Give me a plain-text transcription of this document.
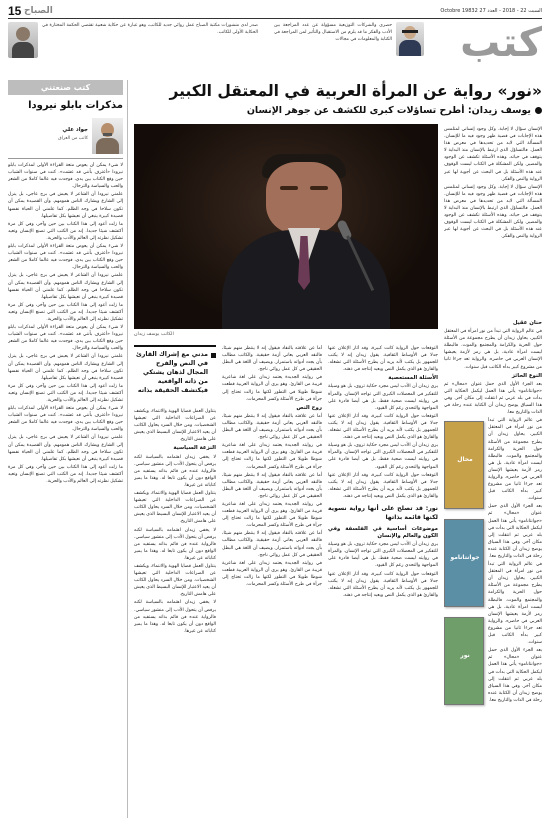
15 الصباح	السبت 22 - 2018 - العدد 27 Octobre 19832
صدر لدى منشورات مكتبة الصباح عمل روائي جديد للكاتب، وهو عبارة عن حكاية شعبية تقتضي الحكمة المختارة في الحكاية الأولى للكاتب.
حصري والشركات التوزيعية مسؤولة عن عدد المراجعة بين الأدب والفكر ما قد يلزم من الاستقبال والتأثير لمن المراجعة في الكتابة والمعلومات في مجالات	كتب
كتب صنعتني
مذكرات بابلو نيرودا
جواد علي
كاتب من العراق

لا شيء يمكن أن يعوض متعة القراءة الأولى لمذكرات بابلو نيرودا «أعترف بأنني قد عشت». كنت في سنوات الشباب حين وقع الكتاب بين يدي، فوجدت فيه عالما كاملا من الشعر والحب والسياسة والترحال.

علمني نيرودا أن الشاعر لا يعيش في برج عاجي، بل ينزل إلى الشارع ويشارك الناس همومهم. وأن القصيدة يمكن أن تكون سلاحا في وجه الظلم. كما علمني أن الحياة نفسها قصيدة كبيرة ينبغي أن نعيشها بكل تفاصيلها.

ما زلت أعود إلى هذا الكتاب بين حين وآخر، وفي كل مرة أكتشف شيئا جديدا. إنه من الكتب التي تصنع الإنسان وتعيد تشكيل نظرته إلى العالم والأدب والحرية.

لا شيء يمكن أن يعوض متعة القراءة الأولى لمذكرات بابلو نيرودا «أعترف بأنني قد عشت». كنت في سنوات الشباب حين وقع الكتاب بين يدي، فوجدت فيه عالما كاملا من الشعر والحب والسياسة والترحال.

علمني نيرودا أن الشاعر لا يعيش في برج عاجي، بل ينزل إلى الشارع ويشارك الناس همومهم. وأن القصيدة يمكن أن تكون سلاحا في وجه الظلم. كما علمني أن الحياة نفسها قصيدة كبيرة ينبغي أن نعيشها بكل تفاصيلها.

ما زلت أعود إلى هذا الكتاب بين حين وآخر، وفي كل مرة أكتشف شيئا جديدا. إنه من الكتب التي تصنع الإنسان وتعيد تشكيل نظرته إلى العالم والأدب والحرية.

لا شيء يمكن أن يعوض متعة القراءة الأولى لمذكرات بابلو نيرودا «أعترف بأنني قد عشت». كنت في سنوات الشباب حين وقع الكتاب بين يدي، فوجدت فيه عالما كاملا من الشعر والحب والسياسة والترحال.

علمني نيرودا أن الشاعر لا يعيش في برج عاجي، بل ينزل إلى الشارع ويشارك الناس همومهم. وأن القصيدة يمكن أن تكون سلاحا في وجه الظلم. كما علمني أن الحياة نفسها قصيدة كبيرة ينبغي أن نعيشها بكل تفاصيلها.

ما زلت أعود إلى هذا الكتاب بين حين وآخر، وفي كل مرة أكتشف شيئا جديدا. إنه من الكتب التي تصنع الإنسان وتعيد تشكيل نظرته إلى العالم والأدب والحرية.

لا شيء يمكن أن يعوض متعة القراءة الأولى لمذكرات بابلو نيرودا «أعترف بأنني قد عشت». كنت في سنوات الشباب حين وقع الكتاب بين يدي، فوجدت فيه عالما كاملا من الشعر والحب والسياسة والترحال.

علمني نيرودا أن الشاعر لا يعيش في برج عاجي، بل ينزل إلى الشارع ويشارك الناس همومهم. وأن القصيدة يمكن أن تكون سلاحا في وجه الظلم. كما علمني أن الحياة نفسها قصيدة كبيرة ينبغي أن نعيشها بكل تفاصيلها.

ما زلت أعود إلى هذا الكتاب بين حين وآخر، وفي كل مرة أكتشف شيئا جديدا. إنه من الكتب التي تصنع الإنسان وتعيد تشكيل نظرته إلى العالم والأدب والحرية.

«نور» رواية عن المرأة العربية في المعتقل الكبير
يوسف زيدان: أطرح تساؤلات كبرى للكشف عن جوهر الإنسان

الإنسان سؤال لا إجابة. وكل وجود إنساني لمتلمس هذه الإجابات في قضية ظهر وجود فيه ما للإنسان. المسألة التي لابد من تحديدها في معرض هذا العمل. فالتساؤل الذي ارتبط بالإنسان منذ البداية لا يتوقف في حياته. وهذه الأسئلة تكشف عن الوجود والمصير. ولكن المشكلة في الكتاب ليست الوقوف عند هذه الأسئلة بل في البحث عن أجوبة لها عبر الرواية والنص والفكر.

الإنسان سؤال لا إجابة. وكل وجود إنساني لمتلمس هذه الإجابات في قضية ظهر وجود فيه ما للإنسان. المسألة التي لابد من تحديدها في معرض هذا العمل. فالتساؤل الذي ارتبط بالإنسان منذ البداية لا يتوقف في حياته. وهذه الأسئلة تكشف عن الوجود والمصير. ولكن المشكلة في الكتاب ليست الوقوف عند هذه الأسئلة بل في البحث عن أجوبة لها عبر الرواية والنص والفكر.

الكاتب يوسف زيدان
مدني مع إشراك القارئ في النص والفرح المجال لذهان يشتكي من ذاته الواقعية فيكتشف الحقيقة بذاته

يتناول العمل قضايا الهوية والانتماء، ويكشف عن الصراعات الداخلية التي تعيشها الشخصيات. ومن خلال السرد يحاول الكاتب أن يعيد الاعتبار للإنسان البسيط الذي يعيش على هامش التاريخ.

النزعة السياسية

لا يخفي زيدان اهتمامه بالسياسة لكنه يرفض أن يتحول الأدب إلى منشور سياسي. فالرواية عنده فن قائم بذاته يستفيد من الواقع دون أن يكون تابعا له. وهذا ما يميز كتاباته عن غيرها.

يتناول العمل قضايا الهوية والانتماء، ويكشف عن الصراعات الداخلية التي تعيشها الشخصيات. ومن خلال السرد يحاول الكاتب أن يعيد الاعتبار للإنسان البسيط الذي يعيش على هامش التاريخ.

لا يخفي زيدان اهتمامه بالسياسة لكنه يرفض أن يتحول الأدب إلى منشور سياسي. فالرواية عنده فن قائم بذاته يستفيد من الواقع دون أن يكون تابعا له. وهذا ما يميز كتاباته عن غيرها.

يتناول العمل قضايا الهوية والانتماء، ويكشف عن الصراعات الداخلية التي تعيشها الشخصيات. ومن خلال السرد يحاول الكاتب أن يعيد الاعتبار للإنسان البسيط الذي يعيش على هامش التاريخ.

لا يخفي زيدان اهتمامه بالسياسة لكنه يرفض أن يتحول الأدب إلى منشور سياسي. فالرواية عنده فن قائم بذاته يستفيد من الواقع دون أن يكون تابعا له. وهذا ما يميز كتاباته عن غيرها.

أما عن علاقته بالنقاد فيقول إنه لا ينتظر منهم شيئا، فالنقد العربي يعاني أزمة حقيقية. والكاتب مطالب بأن يجدد أدواته باستمرار. ويضيف أن اللغة هي البطل الحقيقي في كل عمل روائي ناجح.

في روايته الجديدة يعتمد زيدان على لغة شاعرية قريبة من القارئ. وهو يرى أن الرواية العربية قطعت شوطا طويلا في التطور لكنها ما زالت تحتاج إلى جرأة في طرح الأسئلة وكسر المحرمات.

روح النص

أما عن علاقته بالنقاد فيقول إنه لا ينتظر منهم شيئا، فالنقد العربي يعاني أزمة حقيقية. والكاتب مطالب بأن يجدد أدواته باستمرار. ويضيف أن اللغة هي البطل الحقيقي في كل عمل روائي ناجح.

في روايته الجديدة يعتمد زيدان على لغة شاعرية قريبة من القارئ. وهو يرى أن الرواية العربية قطعت شوطا طويلا في التطور لكنها ما زالت تحتاج إلى جرأة في طرح الأسئلة وكسر المحرمات.

أما عن علاقته بالنقاد فيقول إنه لا ينتظر منهم شيئا، فالنقد العربي يعاني أزمة حقيقية. والكاتب مطالب بأن يجدد أدواته باستمرار. ويضيف أن اللغة هي البطل الحقيقي في كل عمل روائي ناجح.

في روايته الجديدة يعتمد زيدان على لغة شاعرية قريبة من القارئ. وهو يرى أن الرواية العربية قطعت شوطا طويلا في التطور لكنها ما زالت تحتاج إلى جرأة في طرح الأسئلة وكسر المحرمات.

أما عن علاقته بالنقاد فيقول إنه لا ينتظر منهم شيئا، فالنقد العربي يعاني أزمة حقيقية. والكاتب مطالب بأن يجدد أدواته باستمرار. ويضيف أن اللغة هي البطل الحقيقي في كل عمل روائي ناجح.

في روايته الجديدة يعتمد زيدان على لغة شاعرية قريبة من القارئ. وهو يرى أن الرواية العربية قطعت شوطا طويلا في التطور لكنها ما زالت تحتاج إلى جرأة في طرح الأسئلة وكسر المحرمات.

التوقعات حول الرواية كانت كبيرة، وقد أثار الإعلان عنها جدلا في الأوساط الثقافية. يقول زيدان إنه لا يكتب للجمهور بل يكتب لأنه يريد أن يطرح الأسئلة التي تشغله. والقارئ هو الذي يكمل النص ويعيد إنتاجه في ذهنه.

الأسئلة المستعصية

يرى زيدان أن الأدب ليس مجرد حكاية تروى، بل هو وسيلة للتفكير في المعضلات الكبرى التي تواجه الإنسان. والمرأة في روايته ليست ضحية فقط، بل هي أيضا قادرة على المواجهة والتحدي رغم كل القيود.

التوقعات حول الرواية كانت كبيرة، وقد أثار الإعلان عنها جدلا في الأوساط الثقافية. يقول زيدان إنه لا يكتب للجمهور بل يكتب لأنه يريد أن يطرح الأسئلة التي تشغله. والقارئ هو الذي يكمل النص ويعيد إنتاجه في ذهنه.

يرى زيدان أن الأدب ليس مجرد حكاية تروى، بل هو وسيلة للتفكير في المعضلات الكبرى التي تواجه الإنسان. والمرأة في روايته ليست ضحية فقط، بل هي أيضا قادرة على المواجهة والتحدي رغم كل القيود.

التوقعات حول الرواية كانت كبيرة، وقد أثار الإعلان عنها جدلا في الأوساط الثقافية. يقول زيدان إنه لا يكتب للجمهور بل يكتب لأنه يريد أن يطرح الأسئلة التي تشغله. والقارئ هو الذي يكمل النص ويعيد إنتاجه في ذهنه.

نور: قد تصلح على أنها رواية نسوية لكنها قائمة بذاتها
موضوعات أساسية في الفلسفة وفي الكون والعالم والإنسان

يرى زيدان أن الأدب ليس مجرد حكاية تروى، بل هو وسيلة للتفكير في المعضلات الكبرى التي تواجه الإنسان. والمرأة في روايته ليست ضحية فقط، بل هي أيضا قادرة على المواجهة والتحدي رغم كل القيود.

التوقعات حول الرواية كانت كبيرة، وقد أثار الإعلان عنها جدلا في الأوساط الثقافية. يقول زيدان إنه لا يكتب للجمهور بل يكتب لأنه يريد أن يطرح الأسئلة التي تشغله. والقارئ هو الذي يكمل النص ويعيد إنتاجه في ذهنه.

حنان عقيل

في عالم الرواية التي تبدأ من نور امرأة في المعتقل الكبير، يحاول زيدان أن يطرح مجموعة من الأسئلة حول الحرية والكرامة والمجتمع والموت. فالبطلة ليست امرأة عادية، بل هي رمز لأزمة يعيشها الإنسان العربي في حاضره. والرواية تعد جزءا ثانيا من مشروع كبير بدأه الكاتب قبل سنوات.

النوع الحائز

بعد الجزء الأول الذي حمل عنوان «محال» ثم «جوانتانامو» يأتي هذا العمل ليكمل الحكاية التي بدأت في بلد عربي ثم انتقلت إلى مكان آخر. وفي هذا السياق يوضح زيدان أن الكتابة عنده رحلة في الذات والتاريخ معا.

في عالم الرواية التي تبدأ من نور امرأة في المعتقل الكبير، يحاول زيدان أن يطرح مجموعة من الأسئلة حول الحرية والكرامة والمجتمع والموت. فالبطلة ليست امرأة عادية، بل هي رمز لأزمة يعيشها الإنسان العربي في حاضره. والرواية تعد جزءا ثانيا من مشروع كبير بدأه الكاتب قبل سنوات.

بعد الجزء الأول الذي حمل عنوان «محال» ثم «جوانتانامو» يأتي هذا العمل ليكمل الحكاية التي بدأت في بلد عربي ثم انتقلت إلى مكان آخر. وفي هذا السياق يوضح زيدان أن الكتابة عنده رحلة في الذات والتاريخ معا.

في عالم الرواية التي تبدأ من نور امرأة في المعتقل الكبير، يحاول زيدان أن يطرح مجموعة من الأسئلة حول الحرية والكرامة والمجتمع والموت. فالبطلة ليست امرأة عادية، بل هي رمز لأزمة يعيشها الإنسان العربي في حاضره. والرواية تعد جزءا ثانيا من مشروع كبير بدأه الكاتب قبل سنوات.

بعد الجزء الأول الذي حمل عنوان «محال» ثم «جوانتانامو» يأتي هذا العمل ليكمل الحكاية التي بدأت في بلد عربي ثم انتقلت إلى مكان آخر. وفي هذا السياق يوضح زيدان أن الكتابة عنده رحلة في الذات والتاريخ معا.

محال
جوانتانامو
نور
